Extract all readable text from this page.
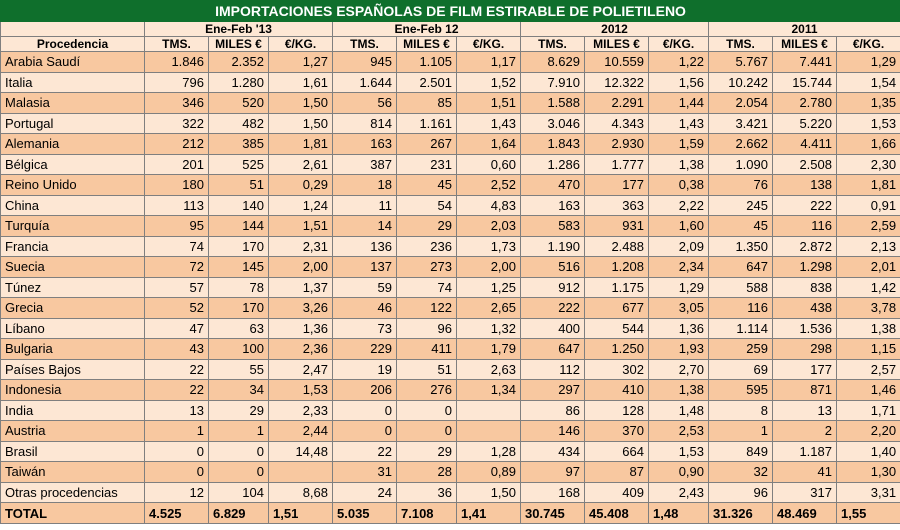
IMPORTACIONES ESPAÑOLAS DE FILM ESTIRABLE DE POLIETILENO												
	Ene-Feb '13			Ene-Feb 12			2012			2011		
Procedencia	TMS.	MILES €	€/KG.	TMS.	MILES €	€/KG.	TMS.	MILES €	€/KG.	TMS.	MILES €	€/KG.
Arabia Saudí	1.846	2.352	1,27	945	1.105	1,17	8.629	10.559	1,22	5.767	7.441	1,29
Italia	796	1.280	1,61	1.644	2.501	1,52	7.910	12.322	1,56	10.242	15.744	1,54
Malasia	346	520	1,50	56	85	1,51	1.588	2.291	1,44	2.054	2.780	1,35
Portugal	322	482	1,50	814	1.161	1,43	3.046	4.343	1,43	3.421	5.220	1,53
Alemania	212	385	1,81	163	267	1,64	1.843	2.930	1,59	2.662	4.411	1,66
Bélgica	201	525	2,61	387	231	0,60	1.286	1.777	1,38	1.090	2.508	2,30
Reino Unido	180	51	0,29	18	45	2,52	470	177	0,38	76	138	1,81
China	113	140	1,24	11	54	4,83	163	363	2,22	245	222	0,91
Turquía	95	144	1,51	14	29	2,03	583	931	1,60	45	116	2,59
Francia	74	170	2,31	136	236	1,73	1.190	2.488	2,09	1.350	2.872	2,13
Suecia	72	145	2,00	137	273	2,00	516	1.208	2,34	647	1.298	2,01
Túnez	57	78	1,37	59	74	1,25	912	1.175	1,29	588	838	1,42
Grecia	52	170	3,26	46	122	2,65	222	677	3,05	116	438	3,78
Líbano	47	63	1,36	73	96	1,32	400	544	1,36	1.114	1.536	1,38
Bulgaria	43	100	2,36	229	411	1,79	647	1.250	1,93	259	298	1,15
Países Bajos	22	55	2,47	19	51	2,63	112	302	2,70	69	177	2,57
Indonesia	22	34	1,53	206	276	1,34	297	410	1,38	595	871	1,46
India	13	29	2,33	0	0		86	128	1,48	8	13	1,71
Austria	1	1	2,44	0	0		146	370	2,53	1	2	2,20
Brasil	0	0	14,48	22	29	1,28	434	664	1,53	849	1.187	1,40
Taiwán	0	0		31	28	0,89	97	87	0,90	32	41	1,30
Otras procedencias	12	104	8,68	24	36	1,50	168	409	2,43	96	317	3,31
TOTAL	4.525	6.829	1,51	5.035	7.108	1,41	30.745	45.408	1,48	31.326	48.469	1,55
